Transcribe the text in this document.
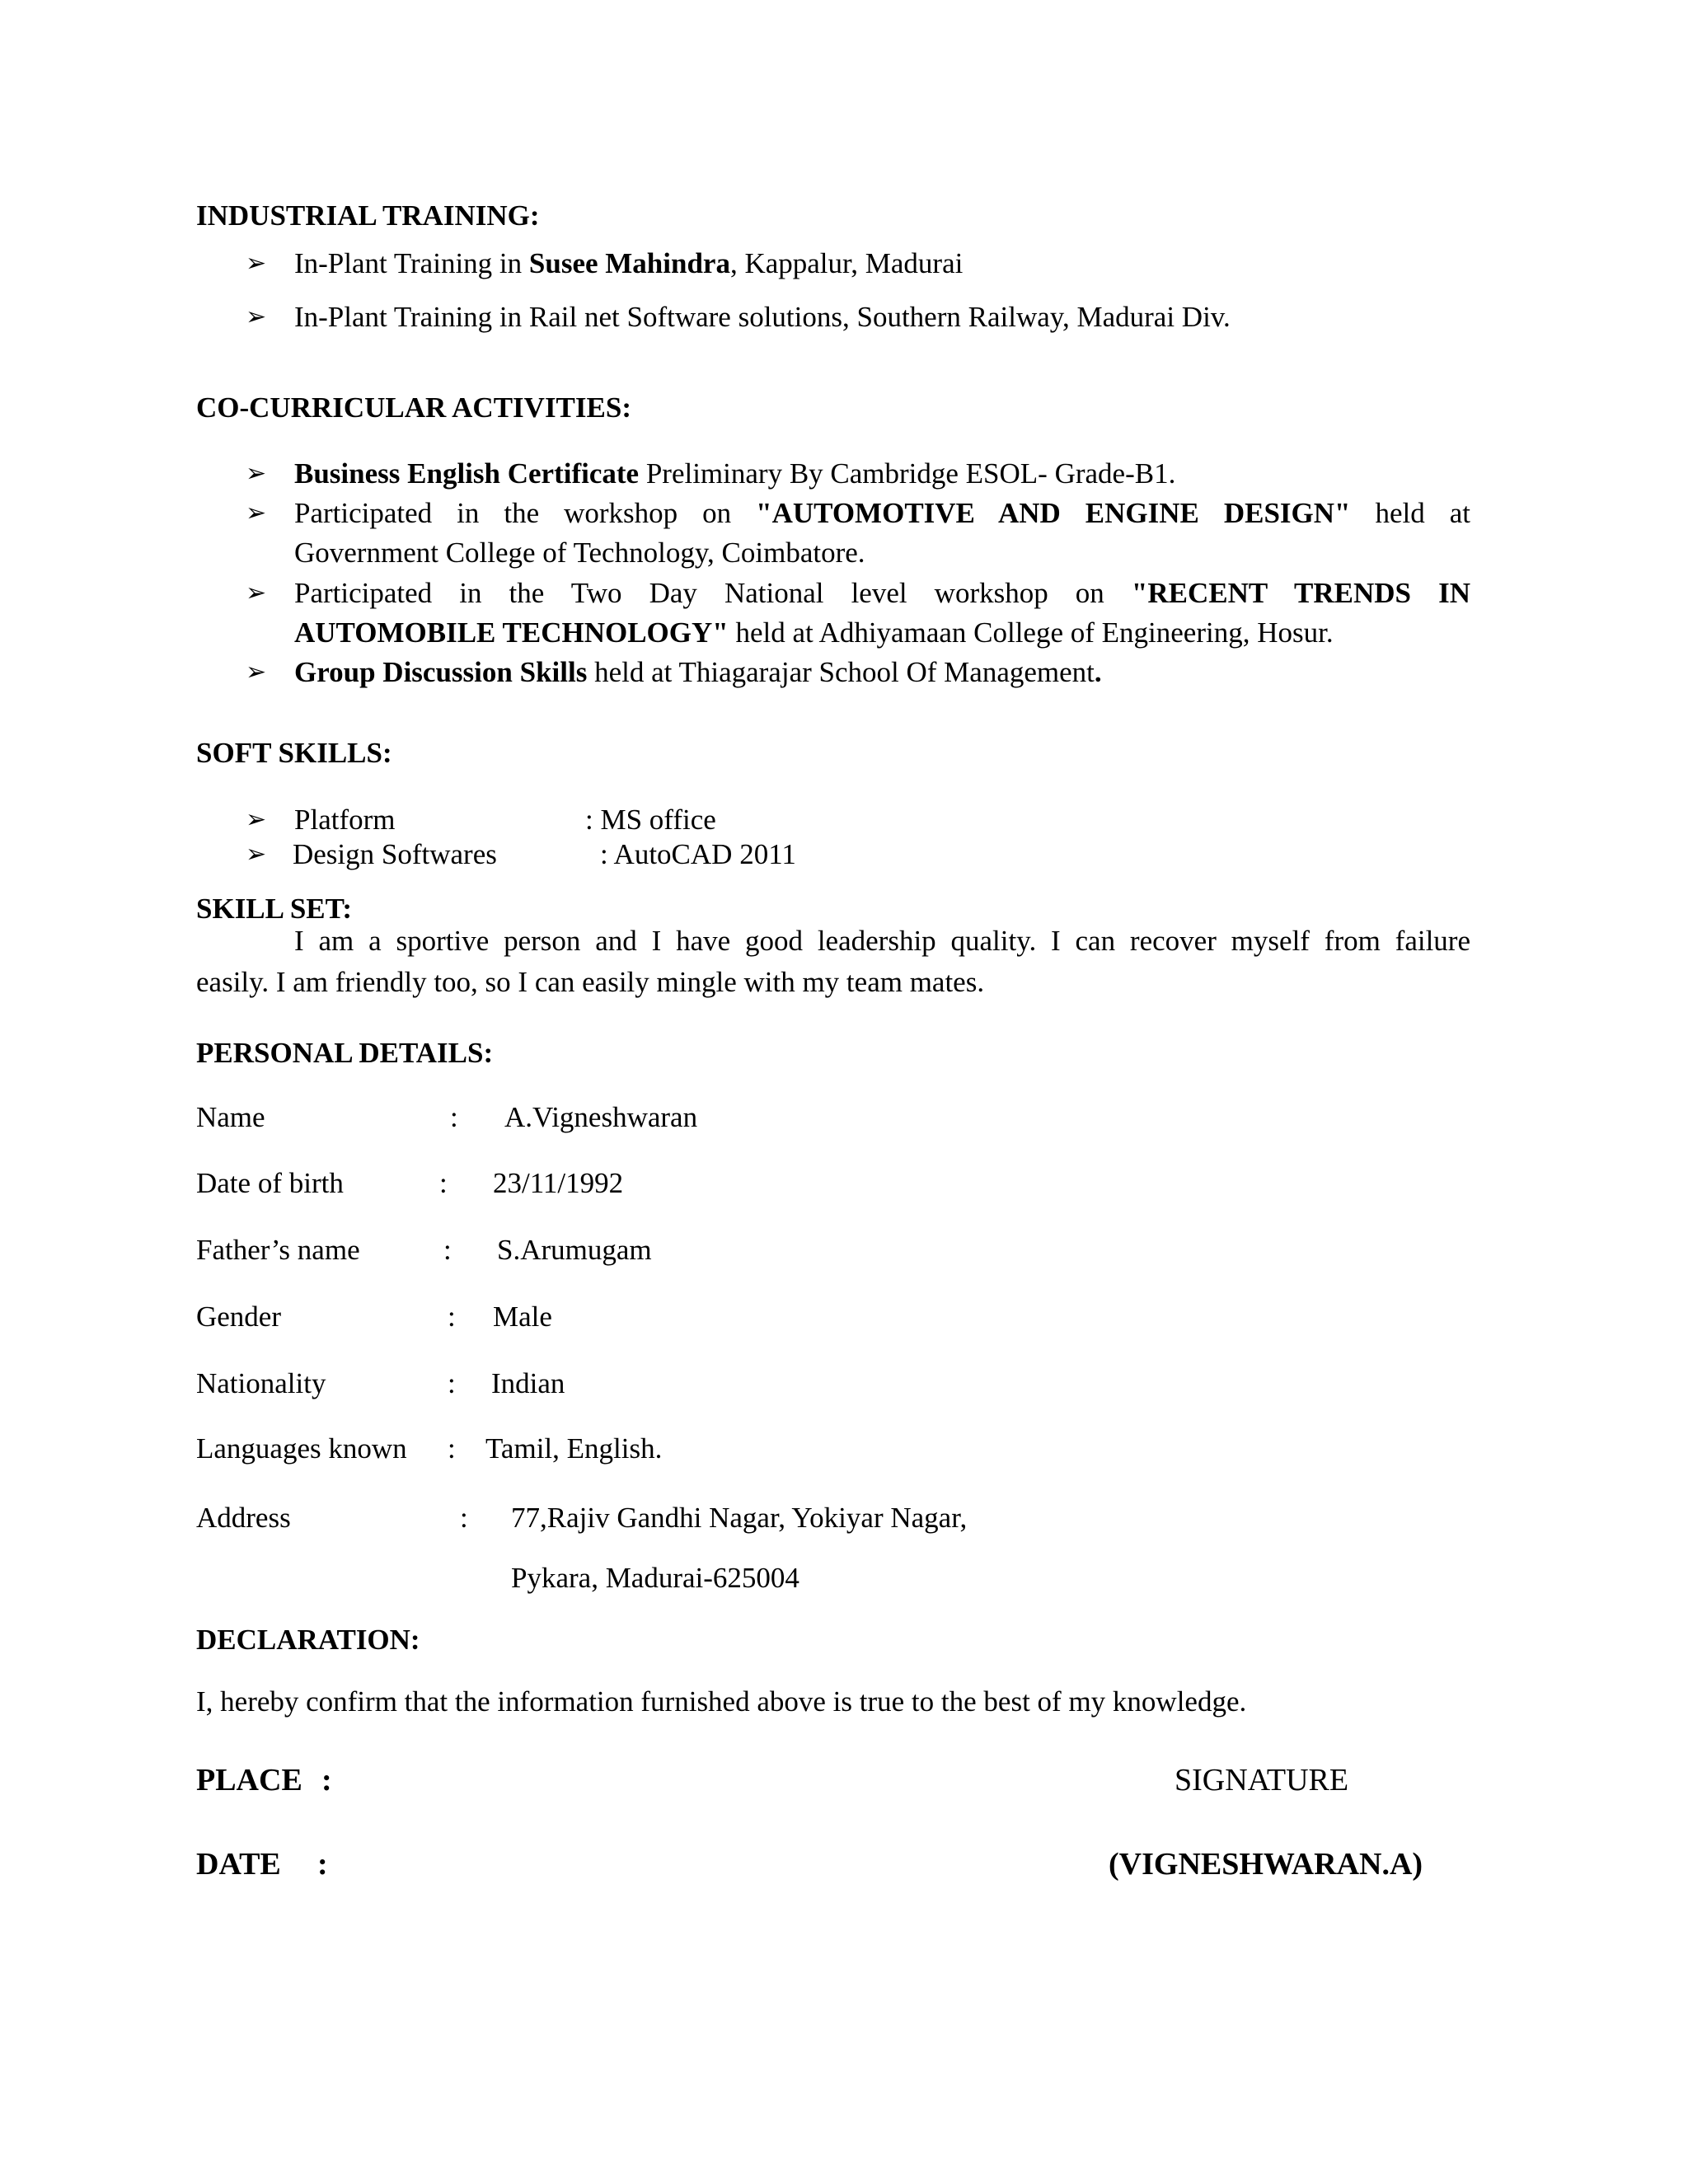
INDUSTRIAL TRAINING:
➢ In-Plant Training in Susee Mahindra, Kappalur, Madurai
➢ In-Plant Training in Rail net Software solutions, Southern Railway, Madurai Div.
CO-CURRICULAR ACTIVITIES:
➢ Business English Certificate Preliminary By Cambridge ESOL- Grade-B1.
➢ Participated in the workshop on "AUTOMOTIVE AND ENGINE DESIGN" held at
Government College of Technology, Coimbatore.
➢ Participated in the Two Day National level workshop on "RECENT TRENDS IN
AUTOMOBILE TECHNOLOGY" held at Adhiyamaan College of Engineering, Hosur.
➢ Group Discussion Skills held at Thiagarajar School Of Management.
SOFT SKILLS:
➢ Platform	: MS office
➢ Design Softwares	: AutoCAD 2011
SKILL SET:
I am a sportive person and I have good leadership quality. I can recover myself from failure
easily. I am friendly too, so I can easily mingle with my team mates.
PERSONAL DETAILS:
Name	: A.Vigneshwaran
Date of birth	: 23/11/1992
Father’s name	: S.Arumugam
Gender	: Male
Nationality	: Indian
Languages known : Tamil, English.
Address	: 77,Rajiv Gandhi Nagar, Yokiyar Nagar,
Pykara, Madurai-625004
DECLARATION:
I, hereby confirm that the information furnished above is true to the best of my knowledge.
PLACE :	SIGNATURE
DATE :	(VIGNESHWARAN.A)
